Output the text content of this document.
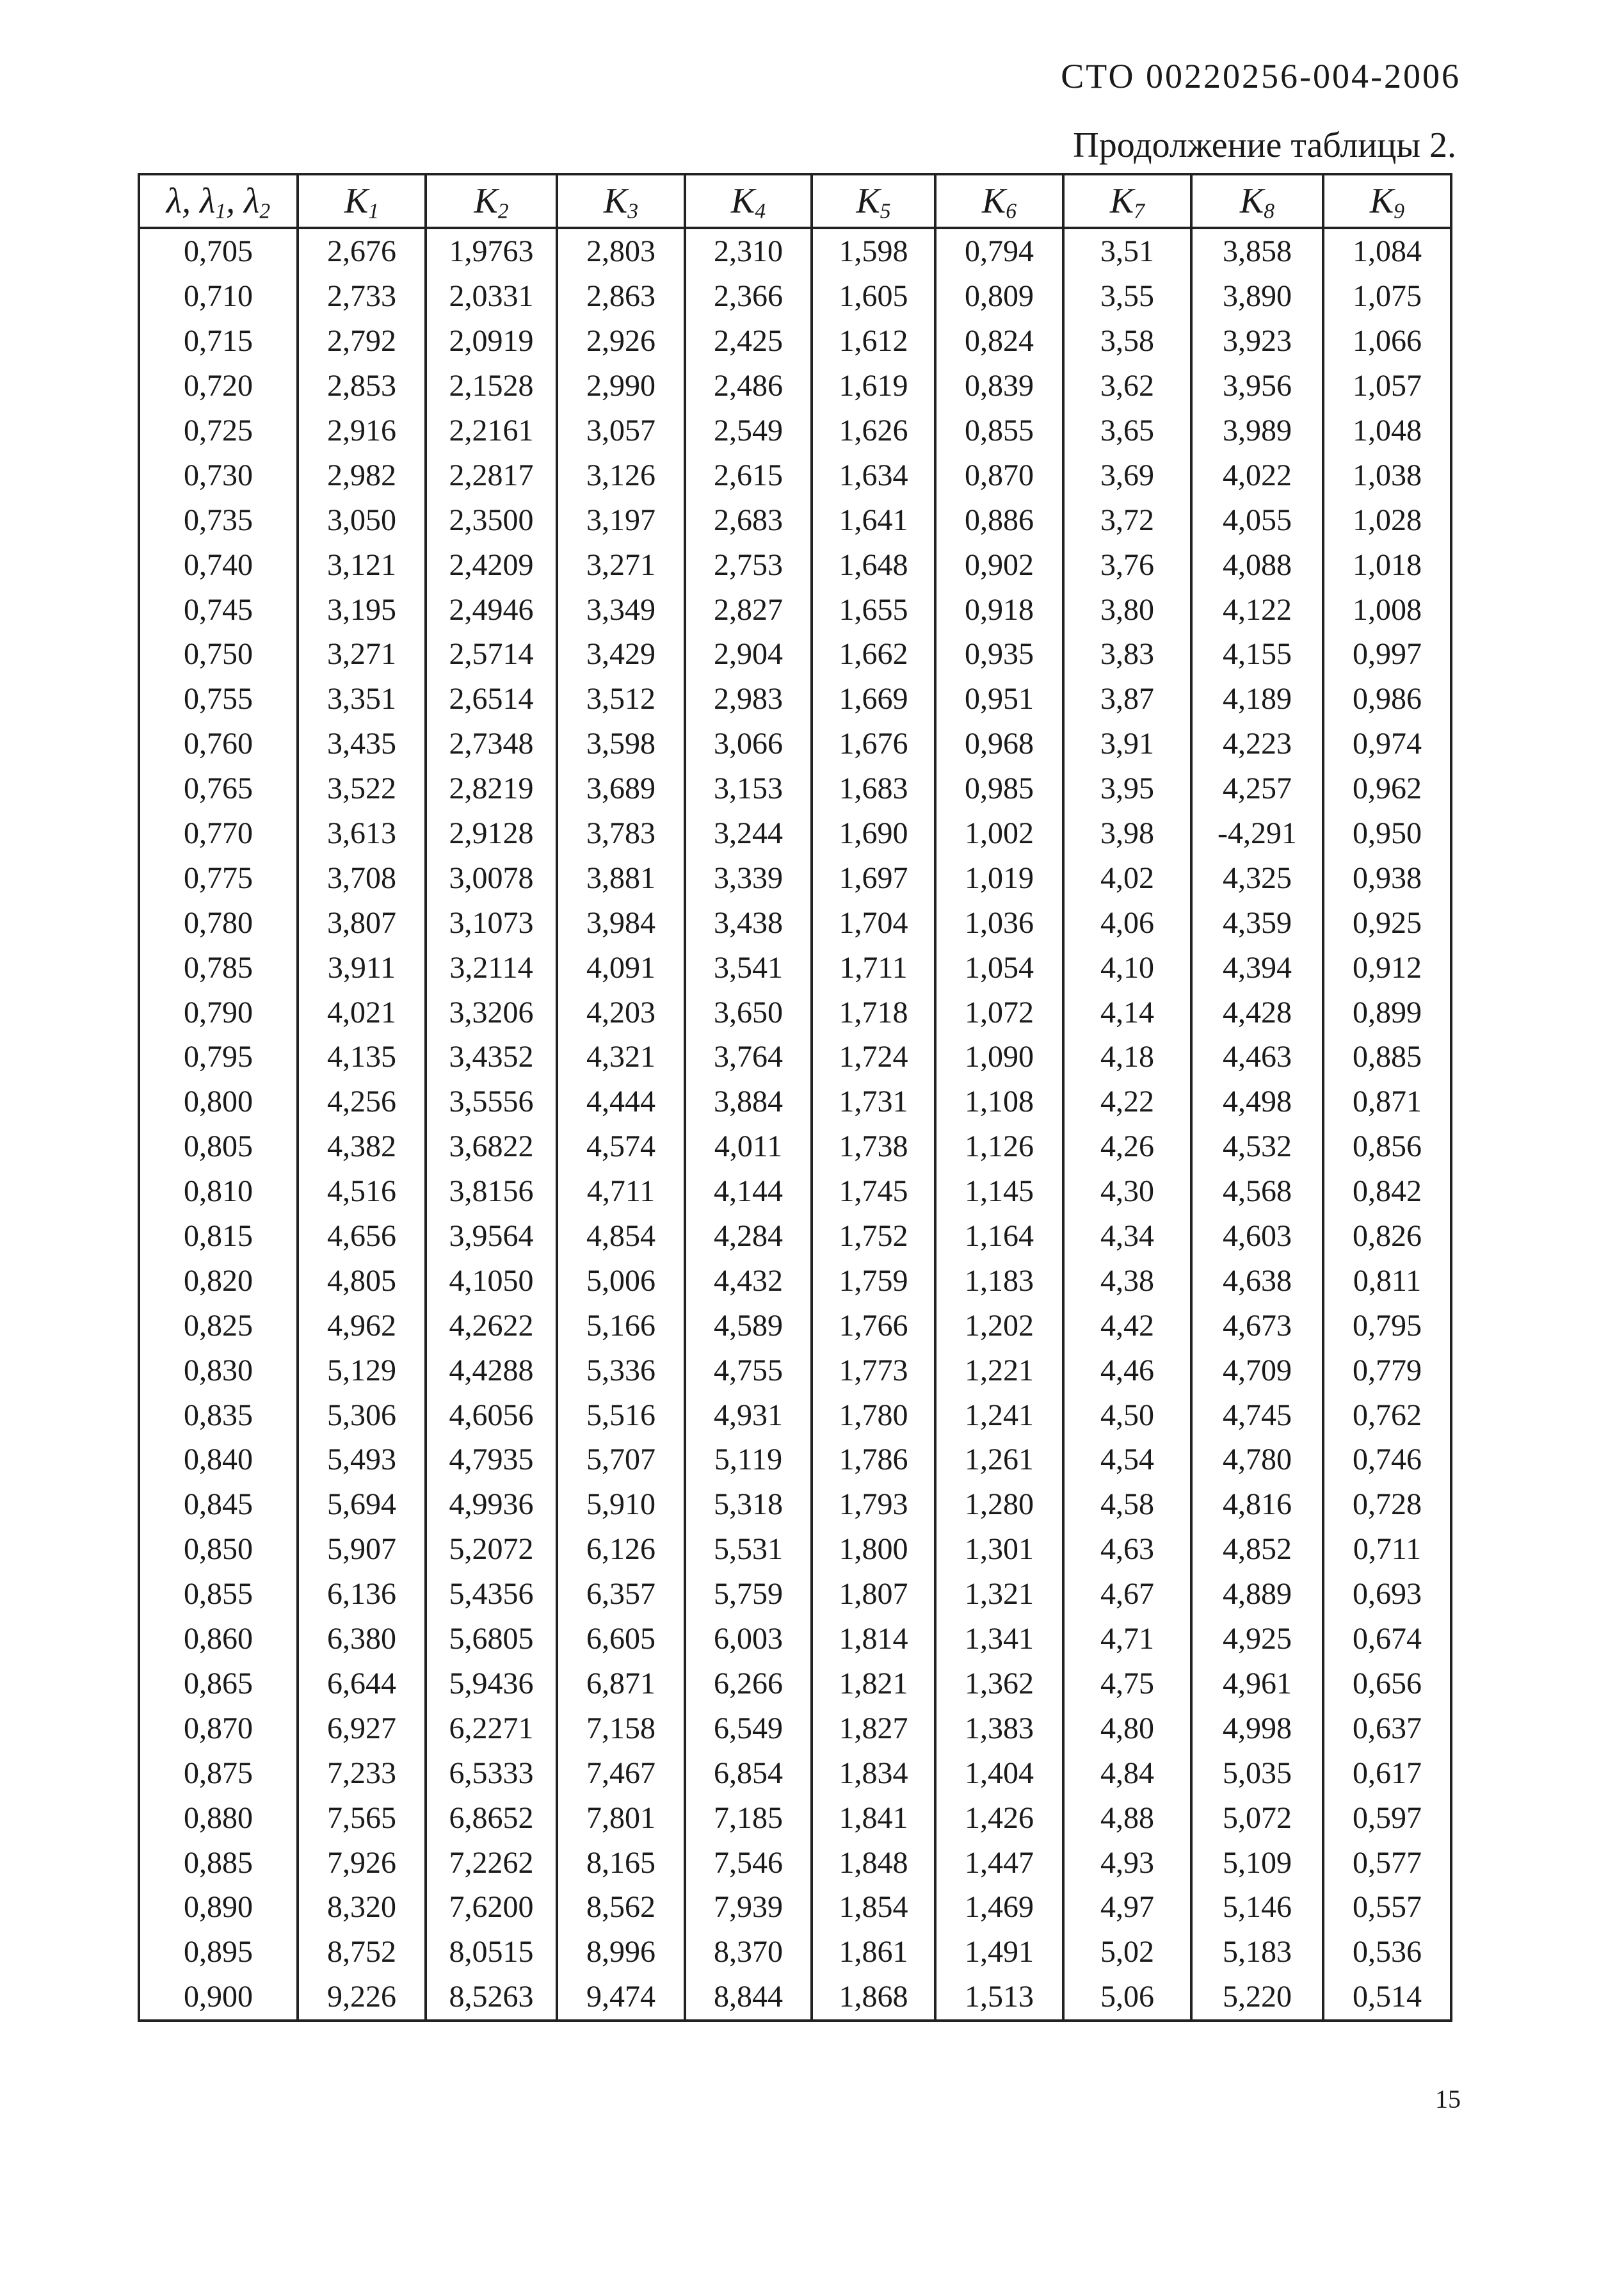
СТО 00220256-004-2006
Продолжение таблицы 2.
λ, $\lambda_1$, $\lambda_2$	$K_1$	$K_2$	$K_3$	$K_4$	$K_5$	$K_6$	$K_7$	$K_8$	$K_9$
0,705	2,676	1,9763	2,803	2,310	1,598	0,794	3,51	3,858	1,084
0,710	2,733	2,0331	2,863	2,366	1,605	0,809	3,55	3,890	1,075
0,715	2,792	2,0919	2,926	2,425	1,612	0,824	3,58	3,923	1,066
0,720	2,853	2,1528	2,990	2,486	1,619	0,839	3,62	3,956	1,057
0,725	2,916	2,2161	3,057	2,549	1,626	0,855	3,65	3,989	1,048
0,730	2,982	2,2817	3,126	2,615	1,634	0,870	3,69	4,022	1,038
0,735	3,050	2,3500	3,197	2,683	1,641	0,886	3,72	4,055	1,028
0,740	3,121	2,4209	3,271	2,753	1,648	0,902	3,76	4,088	1,018
0,745	3,195	2,4946	3,349	2,827	1,655	0,918	3,80	4,122	1,008
0,750	3,271	2,5714	3,429	2,904	1,662	0,935	3,83	4,155	0,997
0,755	3,351	2,6514	3,512	2,983	1,669	0,951	3,87	4,189	0,986
0,760	3,435	2,7348	3,598	3,066	1,676	0,968	3,91	4,223	0,974
0,765	3,522	2,8219	3,689	3,153	1,683	0,985	3,95	4,257	0,962
0,770	3,613	2,9128	3,783	3,244	1,690	1,002	3,98	-4,291	0,950
0,775	3,708	3,0078	3,881	3,339	1,697	1,019	4,02	4,325	0,938
0,780	3,807	3,1073	3,984	3,438	1,704	1,036	4,06	4,359	0,925
0,785	3,911	3,2114	4,091	3,541	1,711	1,054	4,10	4,394	0,912
0,790	4,021	3,3206	4,203	3,650	1,718	1,072	4,14	4,428	0,899
0,795	4,135	3,4352	4,321	3,764	1,724	1,090	4,18	4,463	0,885
0,800	4,256	3,5556	4,444	3,884	1,731	1,108	4,22	4,498	0,871
0,805	4,382	3,6822	4,574	4,011	1,738	1,126	4,26	4,532	0,856
0,810	4,516	3,8156	4,711	4,144	1,745	1,145	4,30	4,568	0,842
0,815	4,656	3,9564	4,854	4,284	1,752	1,164	4,34	4,603	0,826
0,820	4,805	4,1050	5,006	4,432	1,759	1,183	4,38	4,638	0,811
0,825	4,962	4,2622	5,166	4,589	1,766	1,202	4,42	4,673	0,795
0,830	5,129	4,4288	5,336	4,755	1,773	1,221	4,46	4,709	0,779
0,835	5,306	4,6056	5,516	4,931	1,780	1,241	4,50	4,745	0,762
0,840	5,493	4,7935	5,707	5,119	1,786	1,261	4,54	4,780	0,746
0,845	5,694	4,9936	5,910	5,318	1,793	1,280	4,58	4,816	0,728
0,850	5,907	5,2072	6,126	5,531	1,800	1,301	4,63	4,852	0,711
0,855	6,136	5,4356	6,357	5,759	1,807	1,321	4,67	4,889	0,693
0,860	6,380	5,6805	6,605	6,003	1,814	1,341	4,71	4,925	0,674
0,865	6,644	5,9436	6,871	6,266	1,821	1,362	4,75	4,961	0,656
0,870	6,927	6,2271	7,158	6,549	1,827	1,383	4,80	4,998	0,637
0,875	7,233	6,5333	7,467	6,854	1,834	1,404	4,84	5,035	0,617
0,880	7,565	6,8652	7,801	7,185	1,841	1,426	4,88	5,072	0,597
0,885	7,926	7,2262	8,165	7,546	1,848	1,447	4,93	5,109	0,577
0,890	8,320	7,6200	8,562	7,939	1,854	1,469	4,97	5,146	0,557
0,895	8,752	8,0515	8,996	8,370	1,861	1,491	5,02	5,183	0,536
0,900	9,226	8,5263	9,474	8,844	1,868	1,513	5,06	5,220	0,514
15
